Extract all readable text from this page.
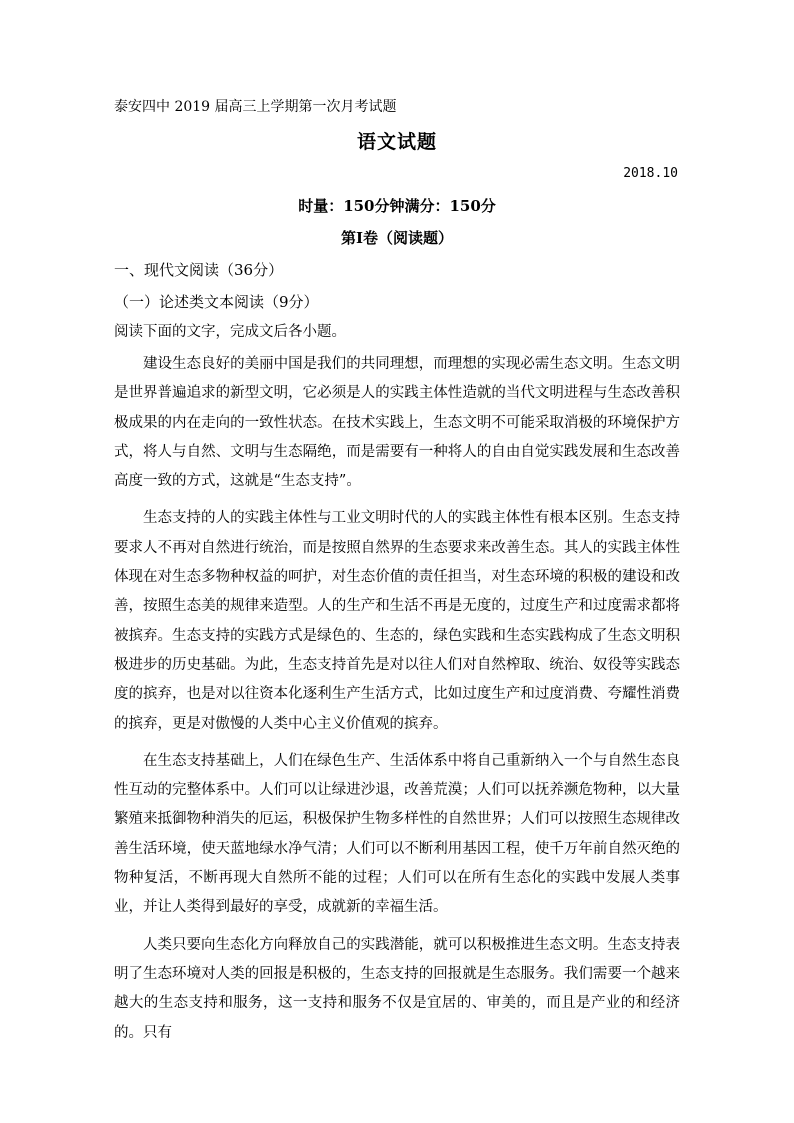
泰安四中 2019 届高三上学期第一次月考试题
语文试题
2018.10
时量：150分钟满分：150分
第Ⅰ卷（阅读题）
一、现代文阅读（36分）
（一）论述类文本阅读（9分）
阅读下面的文字，完成文后各小题。

建设生态良好的美丽中国是我们的共同理想，而理想的实现必需生态文明。生态文明是世界普遍追求的新型文明，它必须是人的实践主体性造就的当代文明进程与生态改善积极成果的内在走向的一致性状态。在技术实践上，生态文明不可能采取消极的环境保护方式，将人与自然、文明与生态隔绝，而是需要有一种将人的自由自觉实践发展和生态改善高度一致的方式，这就是“生态支持”。

生态支持的人的实践主体性与工业文明时代的人的实践主体性有根本区别。生态支持要求人不再对自然进行统治，而是按照自然界的生态要求来改善生态。其人的实践主体性体现在对生态多物种权益的呵护，对生态价值的责任担当，对生态环境的积极的建设和改善，按照生态美的规律来造型。人的生产和生活不再是无度的，过度生产和过度需求都将被摈弃。生态支持的实践方式是绿色的、生态的，绿色实践和生态实践构成了生态文明积极进步的历史基础。为此，生态支持首先是对以往人们对自然榨取、统治、奴役等实践态度的摈弃，也是对以往资本化逐利生产生活方式，比如过度生产和过度消费、夸耀性消费的摈弃，更是对傲慢的人类中心主义价值观的摈弃。

在生态支持基础上，人们在绿色生产、生活体系中将自己重新纳入一个与自然生态良性互动的完整体系中。人们可以让绿进沙退，改善荒漠；人们可以抚养濒危物种，以大量繁殖来抵御物种消失的厄运，积极保护生物多样性的自然世界；人们可以按照生态规律改善生活环境，使天蓝地绿水净气清；人们可以不断利用基因工程，使千万年前自然灭绝的物种复活，不断再现大自然所不能的过程；人们可以在所有生态化的实践中发展人类事业，并让人类得到最好的享受，成就新的幸福生活。

人类只要向生态化方向释放自己的实践潜能，就可以积极推进生态文明。生态支持表明了生态环境对人类的回报是积极的，生态支持的回报就是生态服务。我们需要一个越来越大的生态支持和服务，这一支持和服务不仅是宜居的、审美的，而且是产业的和经济的。只有
